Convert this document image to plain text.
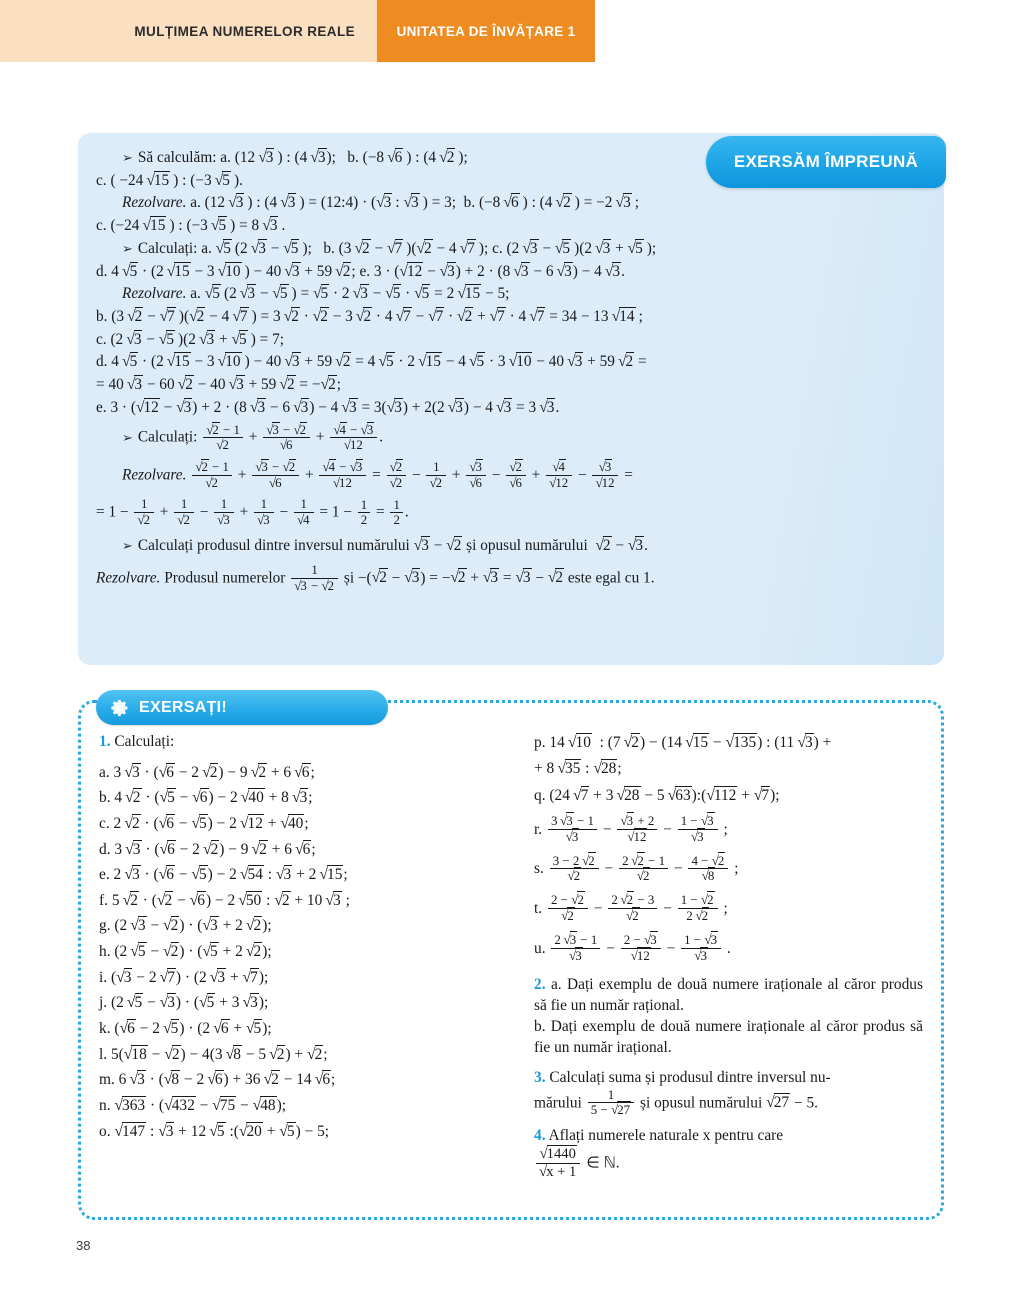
MULȚIMEA NUMERELOR REALE	UNITATEA DE ÎNVĂȚARE 1
➢ Să calculăm: a. (12 √3 ) : (4 √3);   b. (−8 √6 ) : (4 √2 );
c. ( −24 √15 ) : (−3 √5 ).
Rezolvare. a. (12 √3 ) : (4 √3 ) = (12:4) · (√3 : √3 ) = 3;  b. (−8 √6 ) : (4 √2 ) = −2 √3 ;
c. (−24 √15 ) : (−3 √5 ) = 8 √3 .
➢ Calculați: a. √5 (2 √3 − √5 );   b. (3 √2 − √7 )(√2 − 4 √7 ); c. (2 √3 − √5 )(2 √3 + √5 );
d. 4 √5 · (2 √15 − 3 √10 ) − 40 √3 + 59 √2; e. 3 · (√12 − √3) + 2 · (8 √3 − 6 √3) − 4 √3.
Rezolvare. a. √5 (2 √3 − √5 ) = √5 · 2 √3 − √5 · √5 = 2 √15 − 5;
b. (3 √2 − √7 )(√2 − 4 √7 ) = 3 √2 · √2 − 3 √2 · 4 √7 − √7 · √2 + √7 · 4 √7 = 34 − 13 √14 ;
c. (2 √3 − √5 )(2 √3 + √5 ) = 7;
d. 4 √5 · (2 √15 − 3 √10 ) − 40 √3 + 59 √2 = 4 √5 · 2 √15 − 4 √5 · 3 √10 − 40 √3 + 59 √2 =
= 40 √3 − 60 √2 − 40 √3 + 59 √2 = −√2;
e. 3 · (√12 − √3) + 2 · (8 √3 − 6 √3) − 4 √3 = 3(√3) + 2(2 √3) − 4 √3 = 3 √3.
➢ Calculați: $\frac{√2 - 1}{√2} + \frac{√3 - √2}{√6} + \frac{√4 - √3}{√12}$ .
Rezolvare. $\frac{√2 - 1}{√2} + \frac{√3 - √2}{√6} + \frac{√4 - √3}{√12} = \frac{√2}{√2} - \frac{1}{√2} + \frac{√3}{√6} - \frac{√2}{√6} + \frac{√4}{√12} - \frac{√3}{√12}$ =
= $1 - \frac{1}{√2} + \frac{1}{√2} - \frac{1}{√3} + \frac{1}{√3} - \frac{1}{√4} = 1 - \frac{1}{2} = \frac{1}{2}$ .
➢ Calculați produsul dintre inversul numărului √3 − √2 și opusul numărului  √2 − √3.
Rezolvare. Produsul numerelor $\frac{1}{√3 - √2}$ și −(√2 − √3) = −√2 + √3 = √3 − √2 este egal cu 1.
EXERSĂM ÎMPREUNĂ
1. Calculați:
a. 3 √3 · (√6 − 2 √2) − 9 √2 + 6 √6;
b. 4 √2 · (√5 − √6) − 2 √40 + 8 √3;
c. 2 √2 · (√6 − √5) − 2 √12 + √40;
d. 3 √3 · (√6 − 2 √2) − 9 √2 + 6 √6;
e. 2 √3 · (√6 − √5) − 2 √54 : √3 + 2 √15;
f. 5 √2 · (√2 − √6) − 2 √50 : √2 + 10 √3 ;
g. (2 √3 − √2) · (√3 + 2 √2);
h. (2 √5 − √2) · (√5 + 2 √2);
i. (√3 − 2 √7) · (2 √3 + √7);
j. (2 √5 − √3) · (√5 + 3 √3);
k. (√6 − 2 √5) · (2 √6 + √5);
l. 5(√18 − √2) − 4(3 √8 − 5 √2) + √2;
m. 6 √3 · (√8 − 2 √6) + 36 √2 − 14 √6;
n. √363 · (√432 − √75 − √48);
o. √147 : √3 + 12 √5 :(√20 + √5) − 5;
p. 14 √10  : (7 √2) − (14 √15 − √135) : (11 √3) +
+ 8 √35 : √28;
q. (24 √7 + 3 √28 − 5 √63):(√112 + √7);
r. $\frac{3 √3 - 1}{√3} - \frac{√3 + 2}{√12} - \frac{1 - √3}{√3}$ ;
s. $\frac{3 - 2 √2}{√2} - \frac{2 √2 - 1}{√2} - \frac{4 - √2}{√8}$ ;
t. $\frac{2 - √2}{√2} - \frac{2 √2 - 3}{√2} - \frac{1 - √2}{2 √2}$ ;
u. $\frac{2 √3 - 1}{√3} - \frac{2 - √3}{√12} - \frac{1 - √3}{√3}$ .
2. a. Dați exemplu de două numere iraționale al căror produs să fie un număr rațional.
b. Dați exemplu de două numere iraționale al căror produs să fie un număr irațional.
3. Calculați suma și produsul dintre inversul nu-
mărului $\frac{1}{5 - √27}$ și opusul numărului √27 − 5.
4. Aflați numerele naturale x pentru care

$\frac{√1440}{√x + 1}$ ∈ ℕ.
EXERSAȚI!
38
